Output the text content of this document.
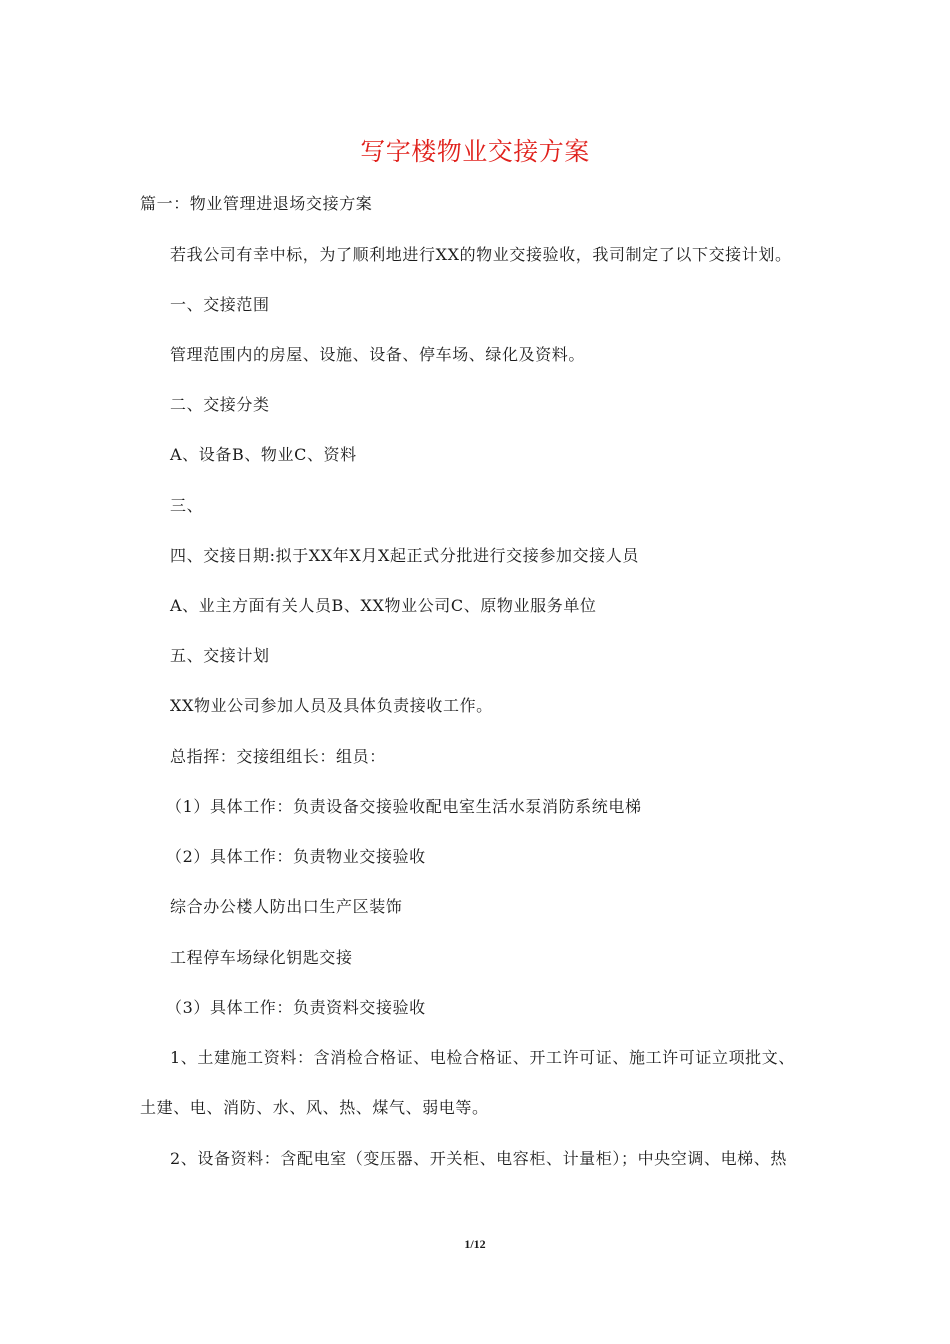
写字楼物业交接方案
篇一：物业管理进退场交接方案
若我公司有幸中标，为了顺利地进行XX的物业交接验收，我司制定了以下交接计划。
一、交接范围
管理范围内的房屋、设施、设备、停车场、绿化及资料。
二、交接分类
A、设备B、物业C、资料
三、
四、交接日期:拟于XX年X月X起正式分批进行交接参加交接人员
A、业主方面有关人员B、XX物业公司C、原物业服务单位
五、交接计划
XX物业公司参加人员及具体负责接收工作。
总指挥：交接组组长：组员：
（1）具体工作：负责设备交接验收配电室生活水泵消防系统电梯
（2）具体工作：负责物业交接验收
综合办公楼人防出口生产区装饰
工程停车场绿化钥匙交接
（3）具体工作：负责资料交接验收
1、土建施工资料：含消检合格证、电检合格证、开工许可证、施工许可证立项批文、
土建、电、消防、水、风、热、煤气、弱电等。
2、设备资料：含配电室（变压器、开关柜、电容柜、计量柜）；中央空调、电梯、热
1/12
